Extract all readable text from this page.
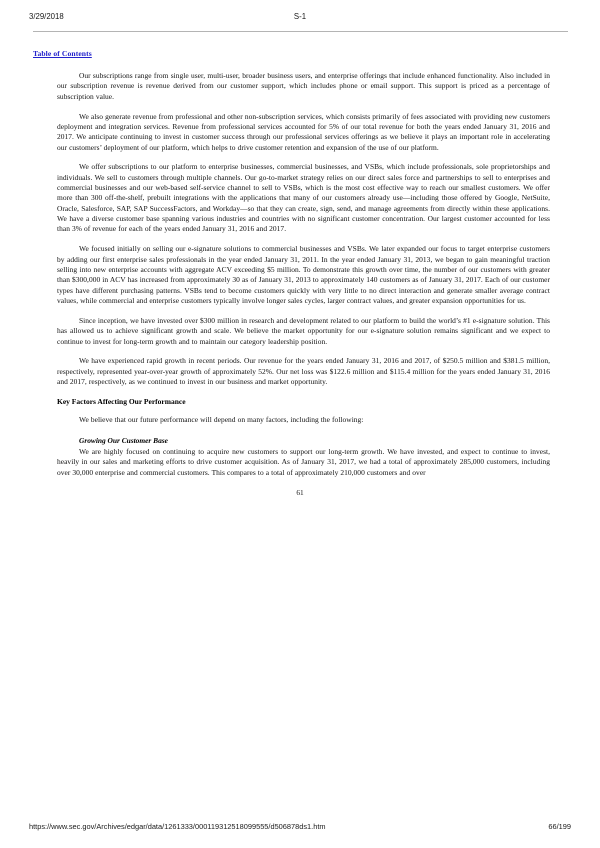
3/29/2018	S-1
Table of Contents

Our subscriptions range from single user, multi-user, broader business users, and enterprise offerings that include enhanced functionality. Also included in our subscription revenue is revenue derived from our customer support, which includes phone or email support. This support is priced as a percentage of subscription value.

We also generate revenue from professional and other non-subscription services, which consists primarily of fees associated with providing new customers deployment and integration services. Revenue from professional services accounted for 5% of our total revenue for both the years ended January 31, 2016 and 2017. We anticipate continuing to invest in customer success through our professional services offerings as we believe it plays an important role in accelerating our customers’ deployment of our platform, which helps to drive customer retention and expansion of the use of our platform.

We offer subscriptions to our platform to enterprise businesses, commercial businesses, and VSBs, which include professionals, sole proprietorships and individuals. We sell to customers through multiple channels. Our go-to-market strategy relies on our direct sales force and partnerships to sell to enterprises and commercial businesses and our web-based self-service channel to sell to VSBs, which is the most cost effective way to reach our smallest customers. We offer more than 300 off-the-shelf, prebuilt integrations with the applications that many of our customers already use—including those offered by Google, NetSuite, Oracle, Salesforce, SAP, SAP SuccessFactors, and Workday—so that they can create, sign, send, and manage agreements from directly within these applications. We have a diverse customer base spanning various industries and countries with no significant customer concentration. Our largest customer accounted for less than 3% of revenue for each of the years ended January 31, 2016 and 2017.

We focused initially on selling our e-signature solutions to commercial businesses and VSBs. We later expanded our focus to target enterprise customers by adding our first enterprise sales professionals in the year ended January 31, 2011. In the year ended January 31, 2013, we began to gain meaningful traction selling into new enterprise accounts with aggregate ACV exceeding $5 million. To demonstrate this growth over time, the number of our customers with greater than $300,000 in ACV has increased from approximately 30 as of January 31, 2013 to approximately 140 customers as of January 31, 2017. Each of our customer types have different purchasing patterns. VSBs tend to become customers quickly with very little to no direct interaction and generate smaller average contract values, while commercial and enterprise customers typically involve longer sales cycles, larger contract values, and greater expansion opportunities for us.

Since inception, we have invested over $300 million in research and development related to our platform to build the world’s #1 e-signature solution. This has allowed us to achieve significant growth and scale. We believe the market opportunity for our e-signature solution remains significant and we expect to continue to invest for long-term growth and to maintain our category leadership position.

We have experienced rapid growth in recent periods. Our revenue for the years ended January 31, 2016 and 2017, of $250.5 million and $381.5 million, respectively, represented year-over-year growth of approximately 52%. Our net loss was $122.6 million and $115.4 million for the years ended January 31, 2016 and 2017, respectively, as we continued to invest in our business and market opportunity.

Key Factors Affecting Our Performance

We believe that our future performance will depend on many factors, including the following:

Growing Our Customer Base

We are highly focused on continuing to acquire new customers to support our long-term growth. We have invested, and expect to continue to invest, heavily in our sales and marketing efforts to drive customer acquisition. As of January 31, 2017, we had a total of approximately 285,000 customers, including over 30,000 enterprise and commercial customers. This compares to a total of approximately 210,000 customers and over

61
https://www.sec.gov/Archives/edgar/data/1261333/000119312518099555/d506878ds1.htm	66/199
